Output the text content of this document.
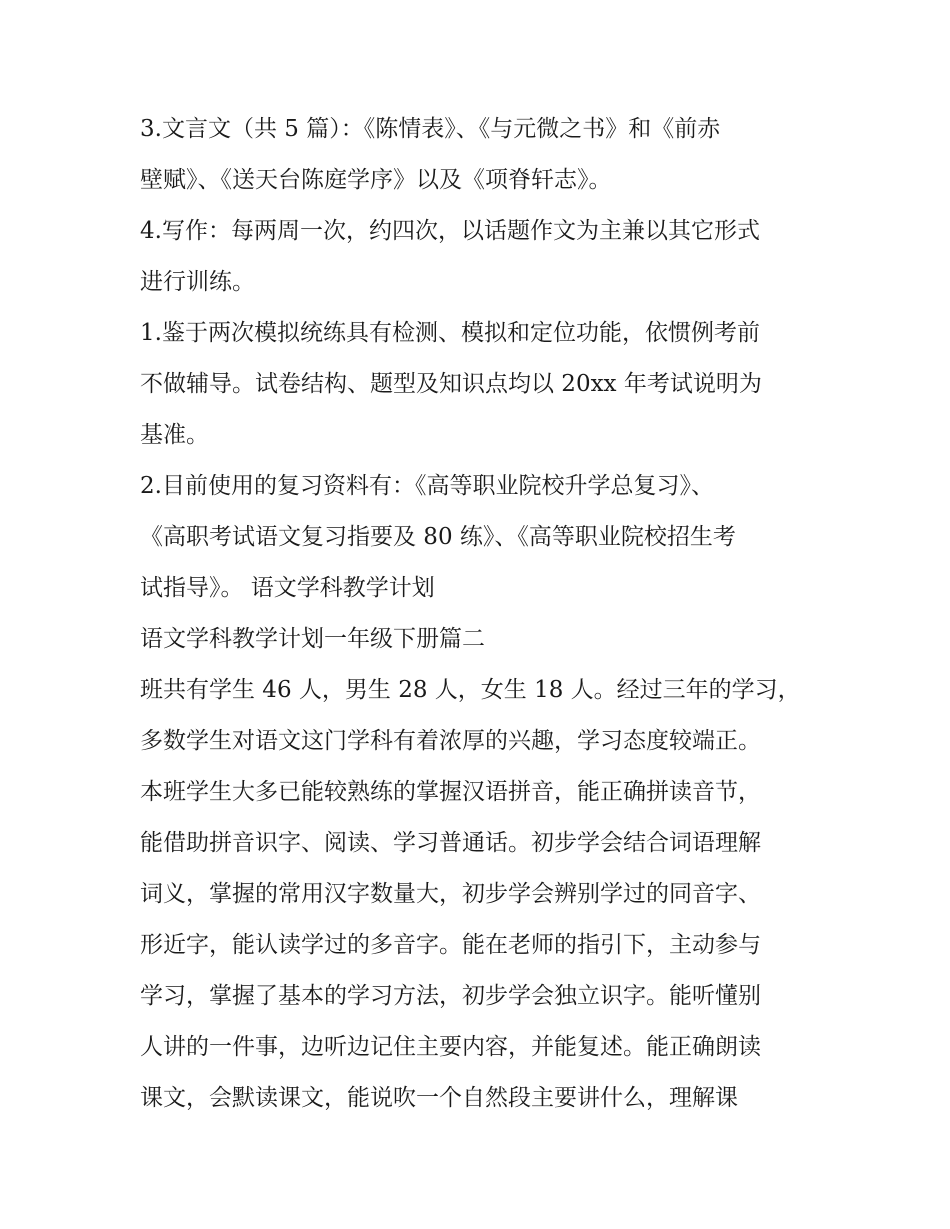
3.文言文（共 5 篇）：《陈情表》、《与元微之书》和《前赤
壁赋》、《送天台陈庭学序》以及《项脊轩志》。
4.写作：每两周一次，约四次，以话题作文为主兼以其它形式
进行训练。
1.鉴于两次模拟统练具有检测、模拟和定位功能，依惯例考前
不做辅导。试卷结构、题型及知识点均以 20xx 年考试说明为
基准。
2.目前使用的复习资料有：《高等职业院校升学总复习》、
《高职考试语文复习指要及 80 练》、《高等职业院校招生考
试指导》。 语文学科教学计划
语文学科教学计划一年级下册篇二
班共有学生 46 人，男生 28 人，女生 18 人。经过三年的学习，
多数学生对语文这门学科有着浓厚的兴趣，学习态度较端正。
本班学生大多已能较熟练的掌握汉语拼音，能正确拼读音节，
能借助拼音识字、阅读、学习普通话。初步学会结合词语理解
词义，掌握的常用汉字数量大，初步学会辨别学过的同音字、
形近字，能认读学过的多音字。能在老师的指引下，主动参与
学习，掌握了基本的学习方法，初步学会独立识字。能听懂别
人讲的一件事，边听边记住主要内容，并能复述。能正确朗读
课文，会默读课文，能说吹一个自然段主要讲什么，理解课
